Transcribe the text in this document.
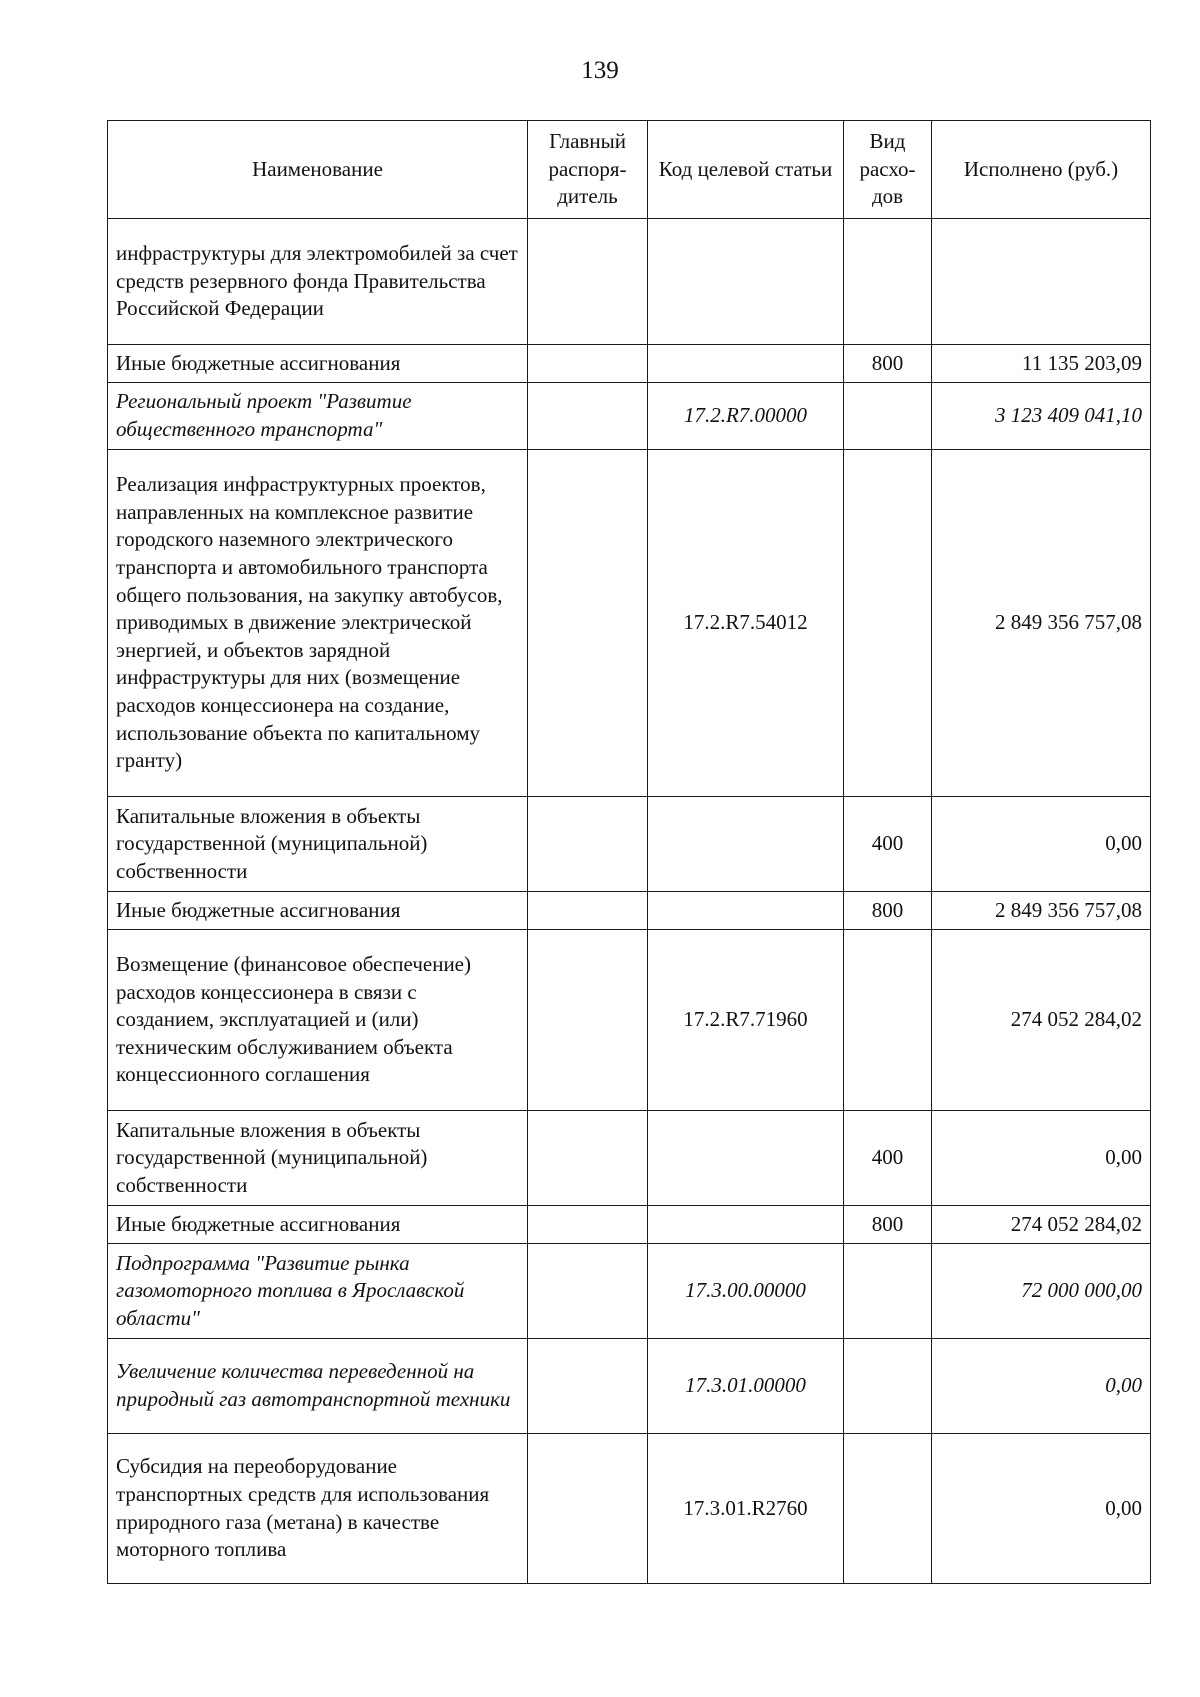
139
Наименование	Главный распоря-дитель	Код целевой статьи	Вид расхо-дов	Исполнено (руб.)
инфраструктуры для электромобилей за счет средств резервного фонда Правительства Российской Федерации				
Иные бюджетные ассигнования			800	11 135 203,09
Региональный проект "Развитие общественного транспорта"		17.2.R7.00000		3 123 409 041,10
Реализация инфраструктурных проектов, направленных на комплексное развитие городского наземного электрического транспорта и автомобильного транспорта общего пользования, на закупку автобусов, приводимых в движение электрической энергией, и объектов зарядной инфраструктуры для них (возмещение расходов концессионера на создание, использование объекта по капитальному гранту)		17.2.R7.54012		2 849 356 757,08
Капитальные вложения в объекты государственной (муниципальной) собственности			400	0,00
Иные бюджетные ассигнования			800	2 849 356 757,08
Возмещение (финансовое обеспечение) расходов концессионера в связи с созданием, эксплуатацией и (или) техническим обслуживанием объекта концессионного соглашения		17.2.R7.71960		274 052 284,02
Капитальные вложения в объекты государственной (муниципальной) собственности			400	0,00
Иные бюджетные ассигнования			800	274 052 284,02
Подпрограмма "Развитие рынка газомоторного топлива в Ярославской области"		17.3.00.00000		72 000 000,00
Увеличение количества переведенной на природный газ автотранспортной техники		17.3.01.00000		0,00
Субсидия на переоборудование транспортных средств для использования природного газа (метана) в качестве моторного топлива		17.3.01.R2760		0,00
